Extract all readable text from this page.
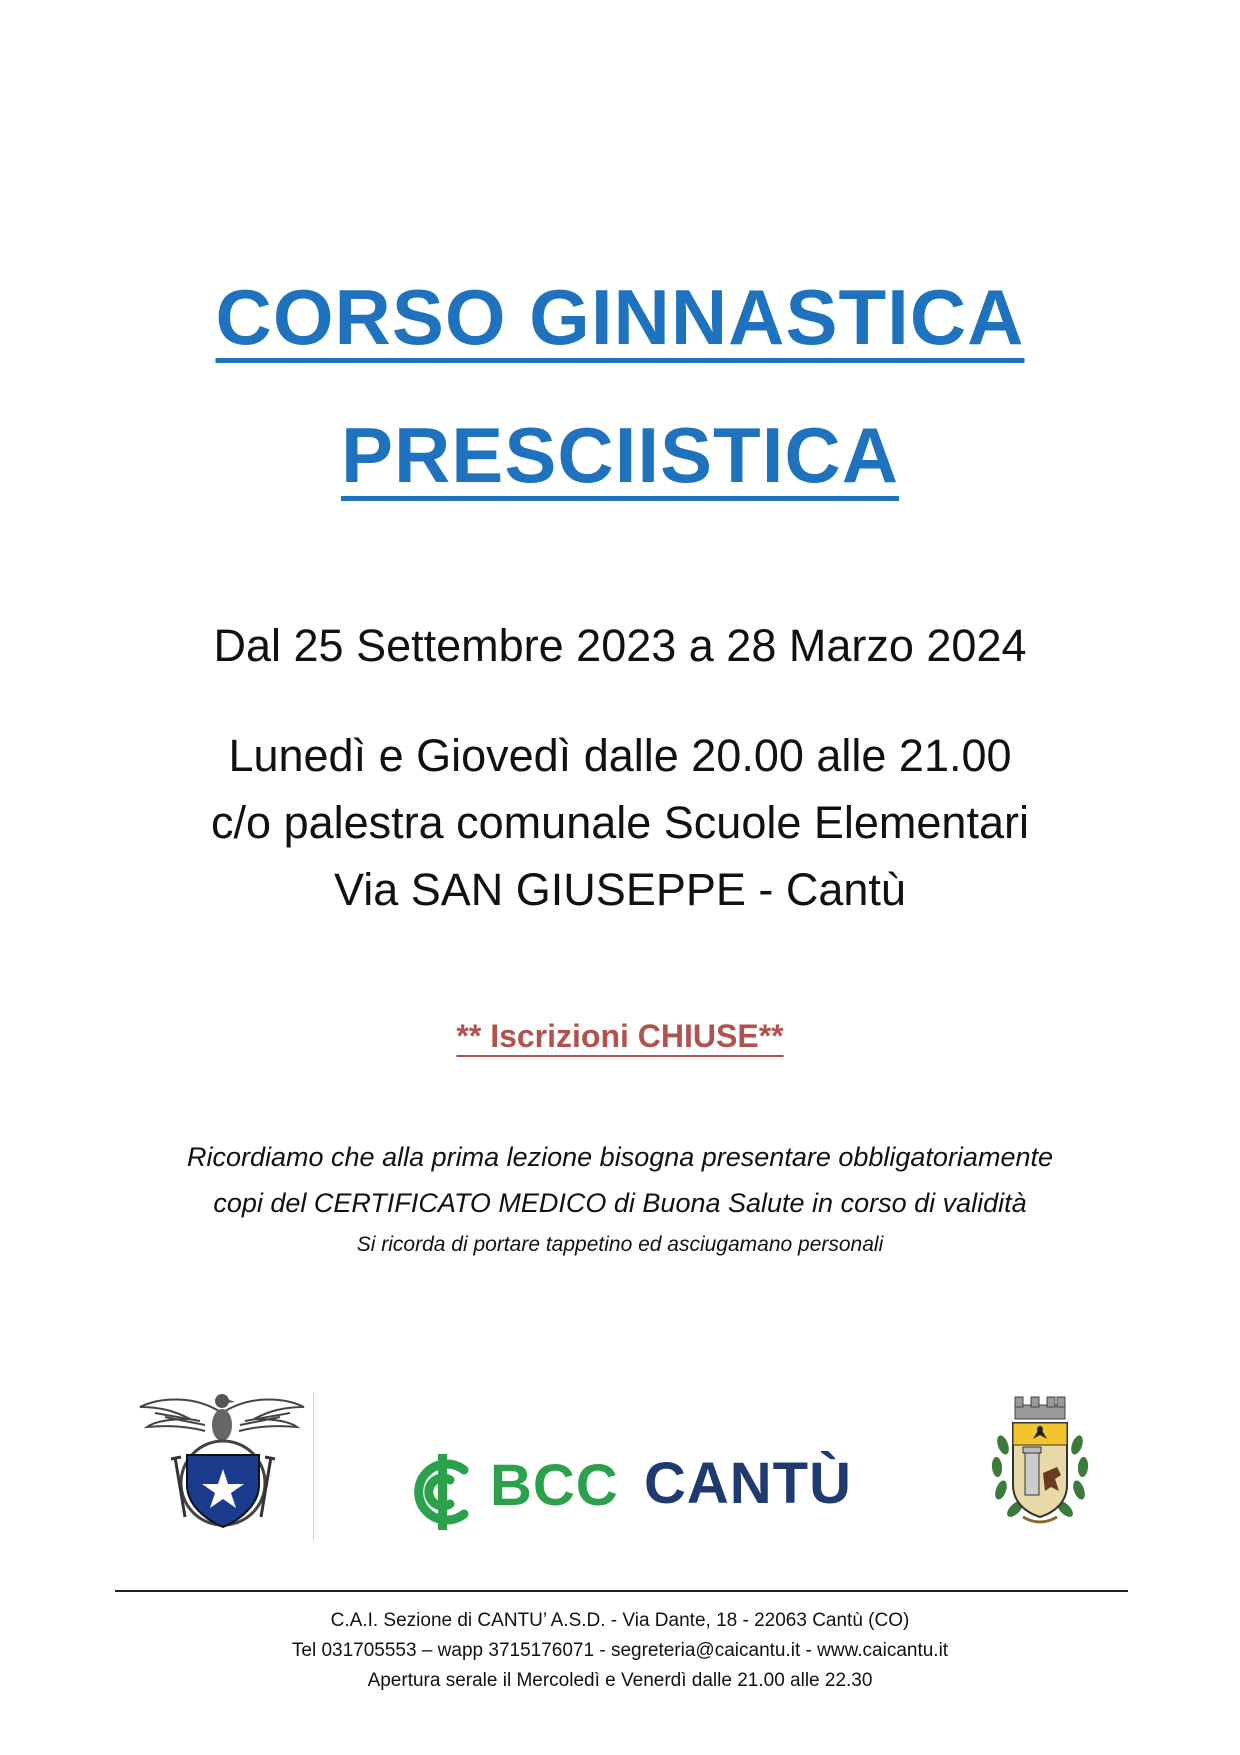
CORSO GINNASTICA
PRESCIISTICA
Dal 25 Settembre 2023 a 28 Marzo 2024
Lunedì e Giovedì dalle 20.00 alle 21.00
c/o palestra comunale Scuole Elementari
Via SAN GIUSEPPE - Cantù
** Iscrizioni CHIUSE**
Ricordiamo che alla prima lezione bisogna presentare obbligatoriamente
copi del CERTIFICATO MEDICO di Buona Salute in corso di validità
Si ricorda di portare tappetino ed asciugamano personali
BCC CANTÙ
C.A.I. Sezione di CANTU’ A.S.D. - Via Dante, 18 - 22063 Cantù (CO)
Tel 031705553 – wapp 3715176071 - segreteria@caicantu.it - www.caicantu.it
Apertura serale il Mercoledì e Venerdì dalle 21.00 alle 22.30
